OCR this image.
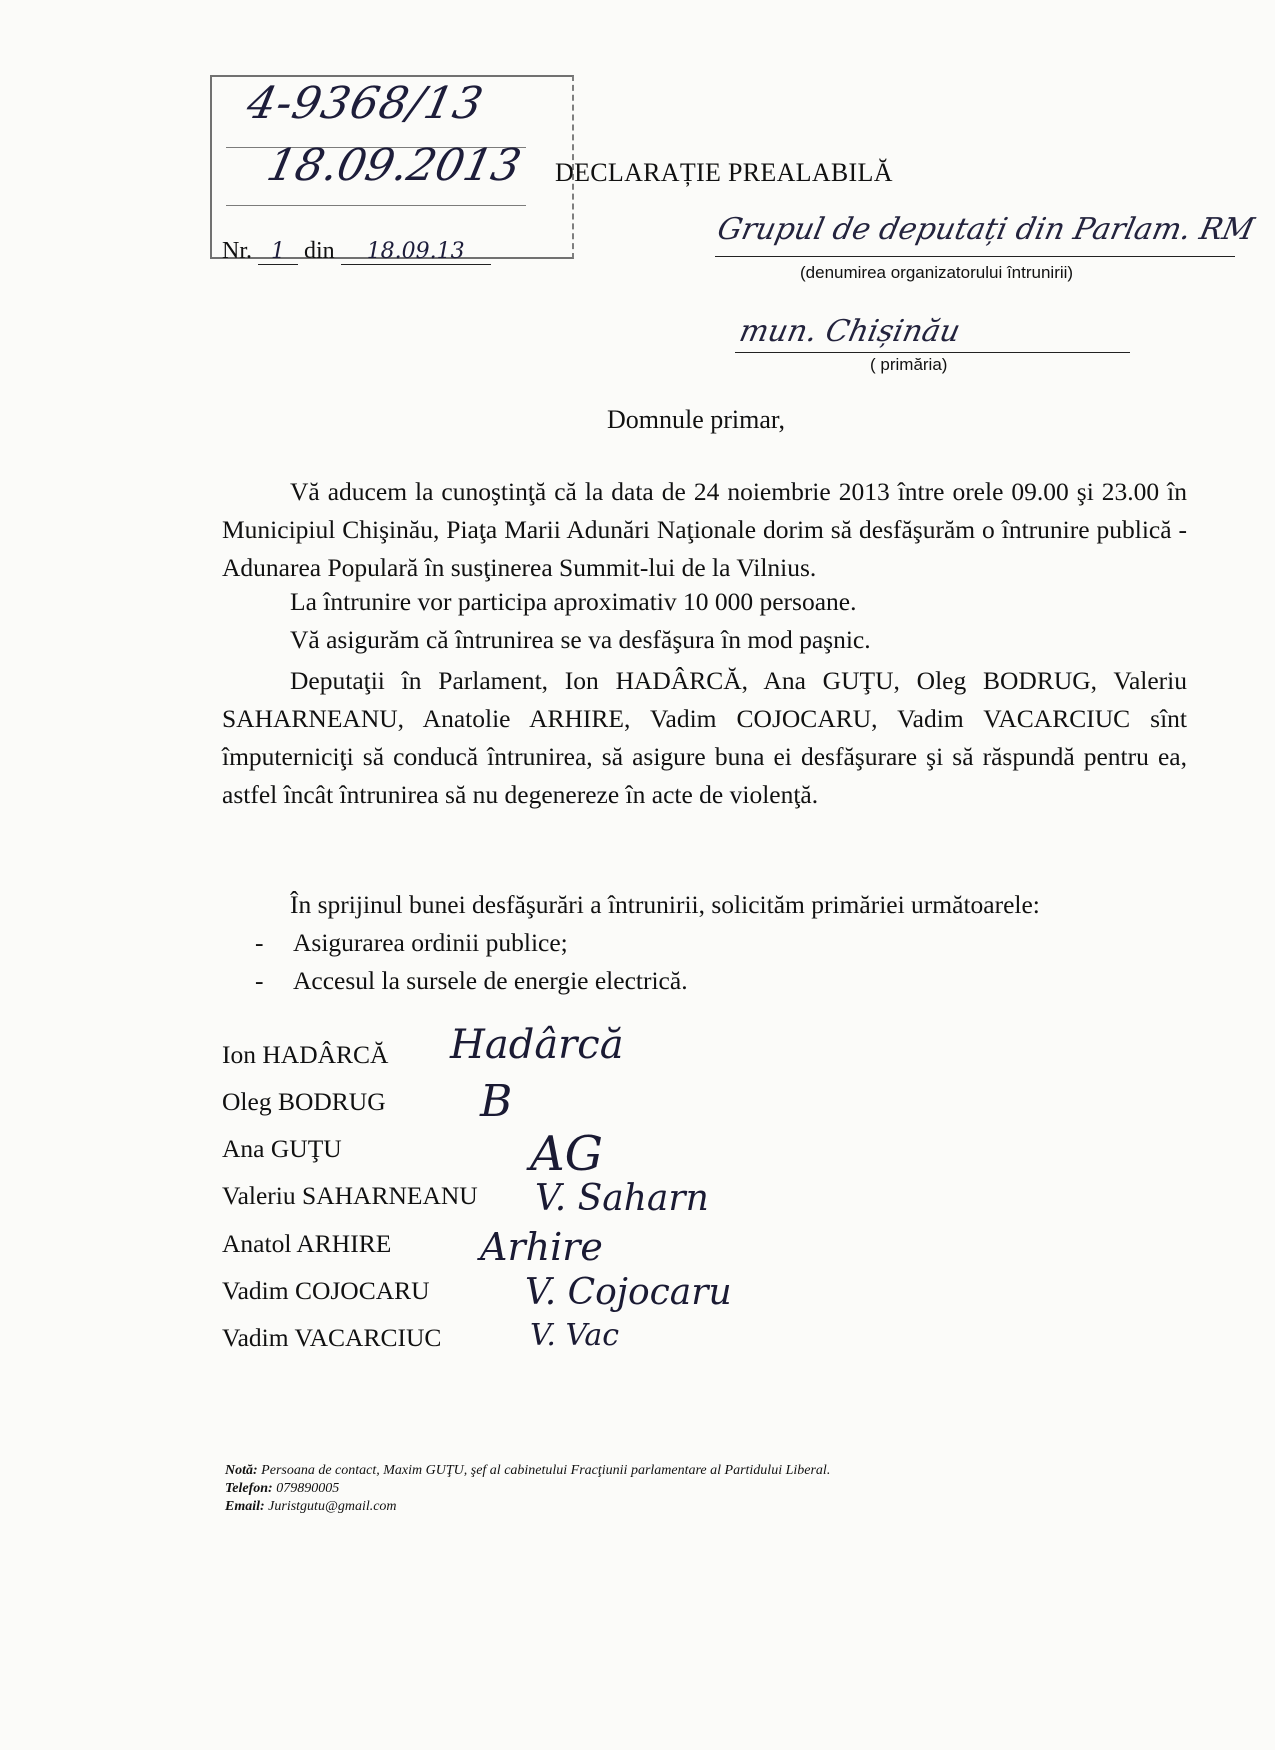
4-9368/13
18.09.2013
Nr. 1 din 18.09.13
DECLARAȚIE PREALABILĂ
Grupul de deputați din Parlam. RM
(denumirea organizatorului întrunirii)
mun. Chișinău
( primăria)
Domnule primar,
Vă aducem la cunoştinţă că la data de 24 noiembrie 2013 între orele 09.00 şi 23.00 în Municipiul Chişinău, Piaţa Marii Adunări Naţionale dorim să desfăşurăm o întrunire publică - Adunarea Populară în susţinerea Summit-lui de la Vilnius.
La întrunire vor participa aproximativ 10 000 persoane.
Vă asigurăm că întrunirea se va desfăşura în mod paşnic.
Deputaţii în Parlament, Ion HADÂRCĂ, Ana GUŢU, Oleg BODRUG, Valeriu SAHARNEANU, Anatolie ARHIRE, Vadim COJOCARU, Vadim VACARCIUC sînt împuterniciţi să conducă întrunirea, să asigure buna ei desfăşurare şi să răspundă pentru ea, astfel încât întrunirea să nu degenereze în acte de violenţă.
În sprijinul bunei desfăşurări a întrunirii, solicităm primăriei următoarele:
- Asigurarea ordinii publice;
- Accesul la sursele de energie electrică.
Ion HADÂRCĂ
Oleg BODRUG
Ana GUŢU
Valeriu SAHARNEANU
Anatol ARHIRE
Vadim COJOCARU
Vadim VACARCIUC
Hadârcă
B
AG
V. Saharn
Arhire
V. Cojocaru
V. Vac
Notă: Persoana de contact, Maxim GUŢU, şef al cabinetului Fracţiunii parlamentare al Partidului Liberal.
Telefon: 079890005
Email: Juristgutu@gmail.com
